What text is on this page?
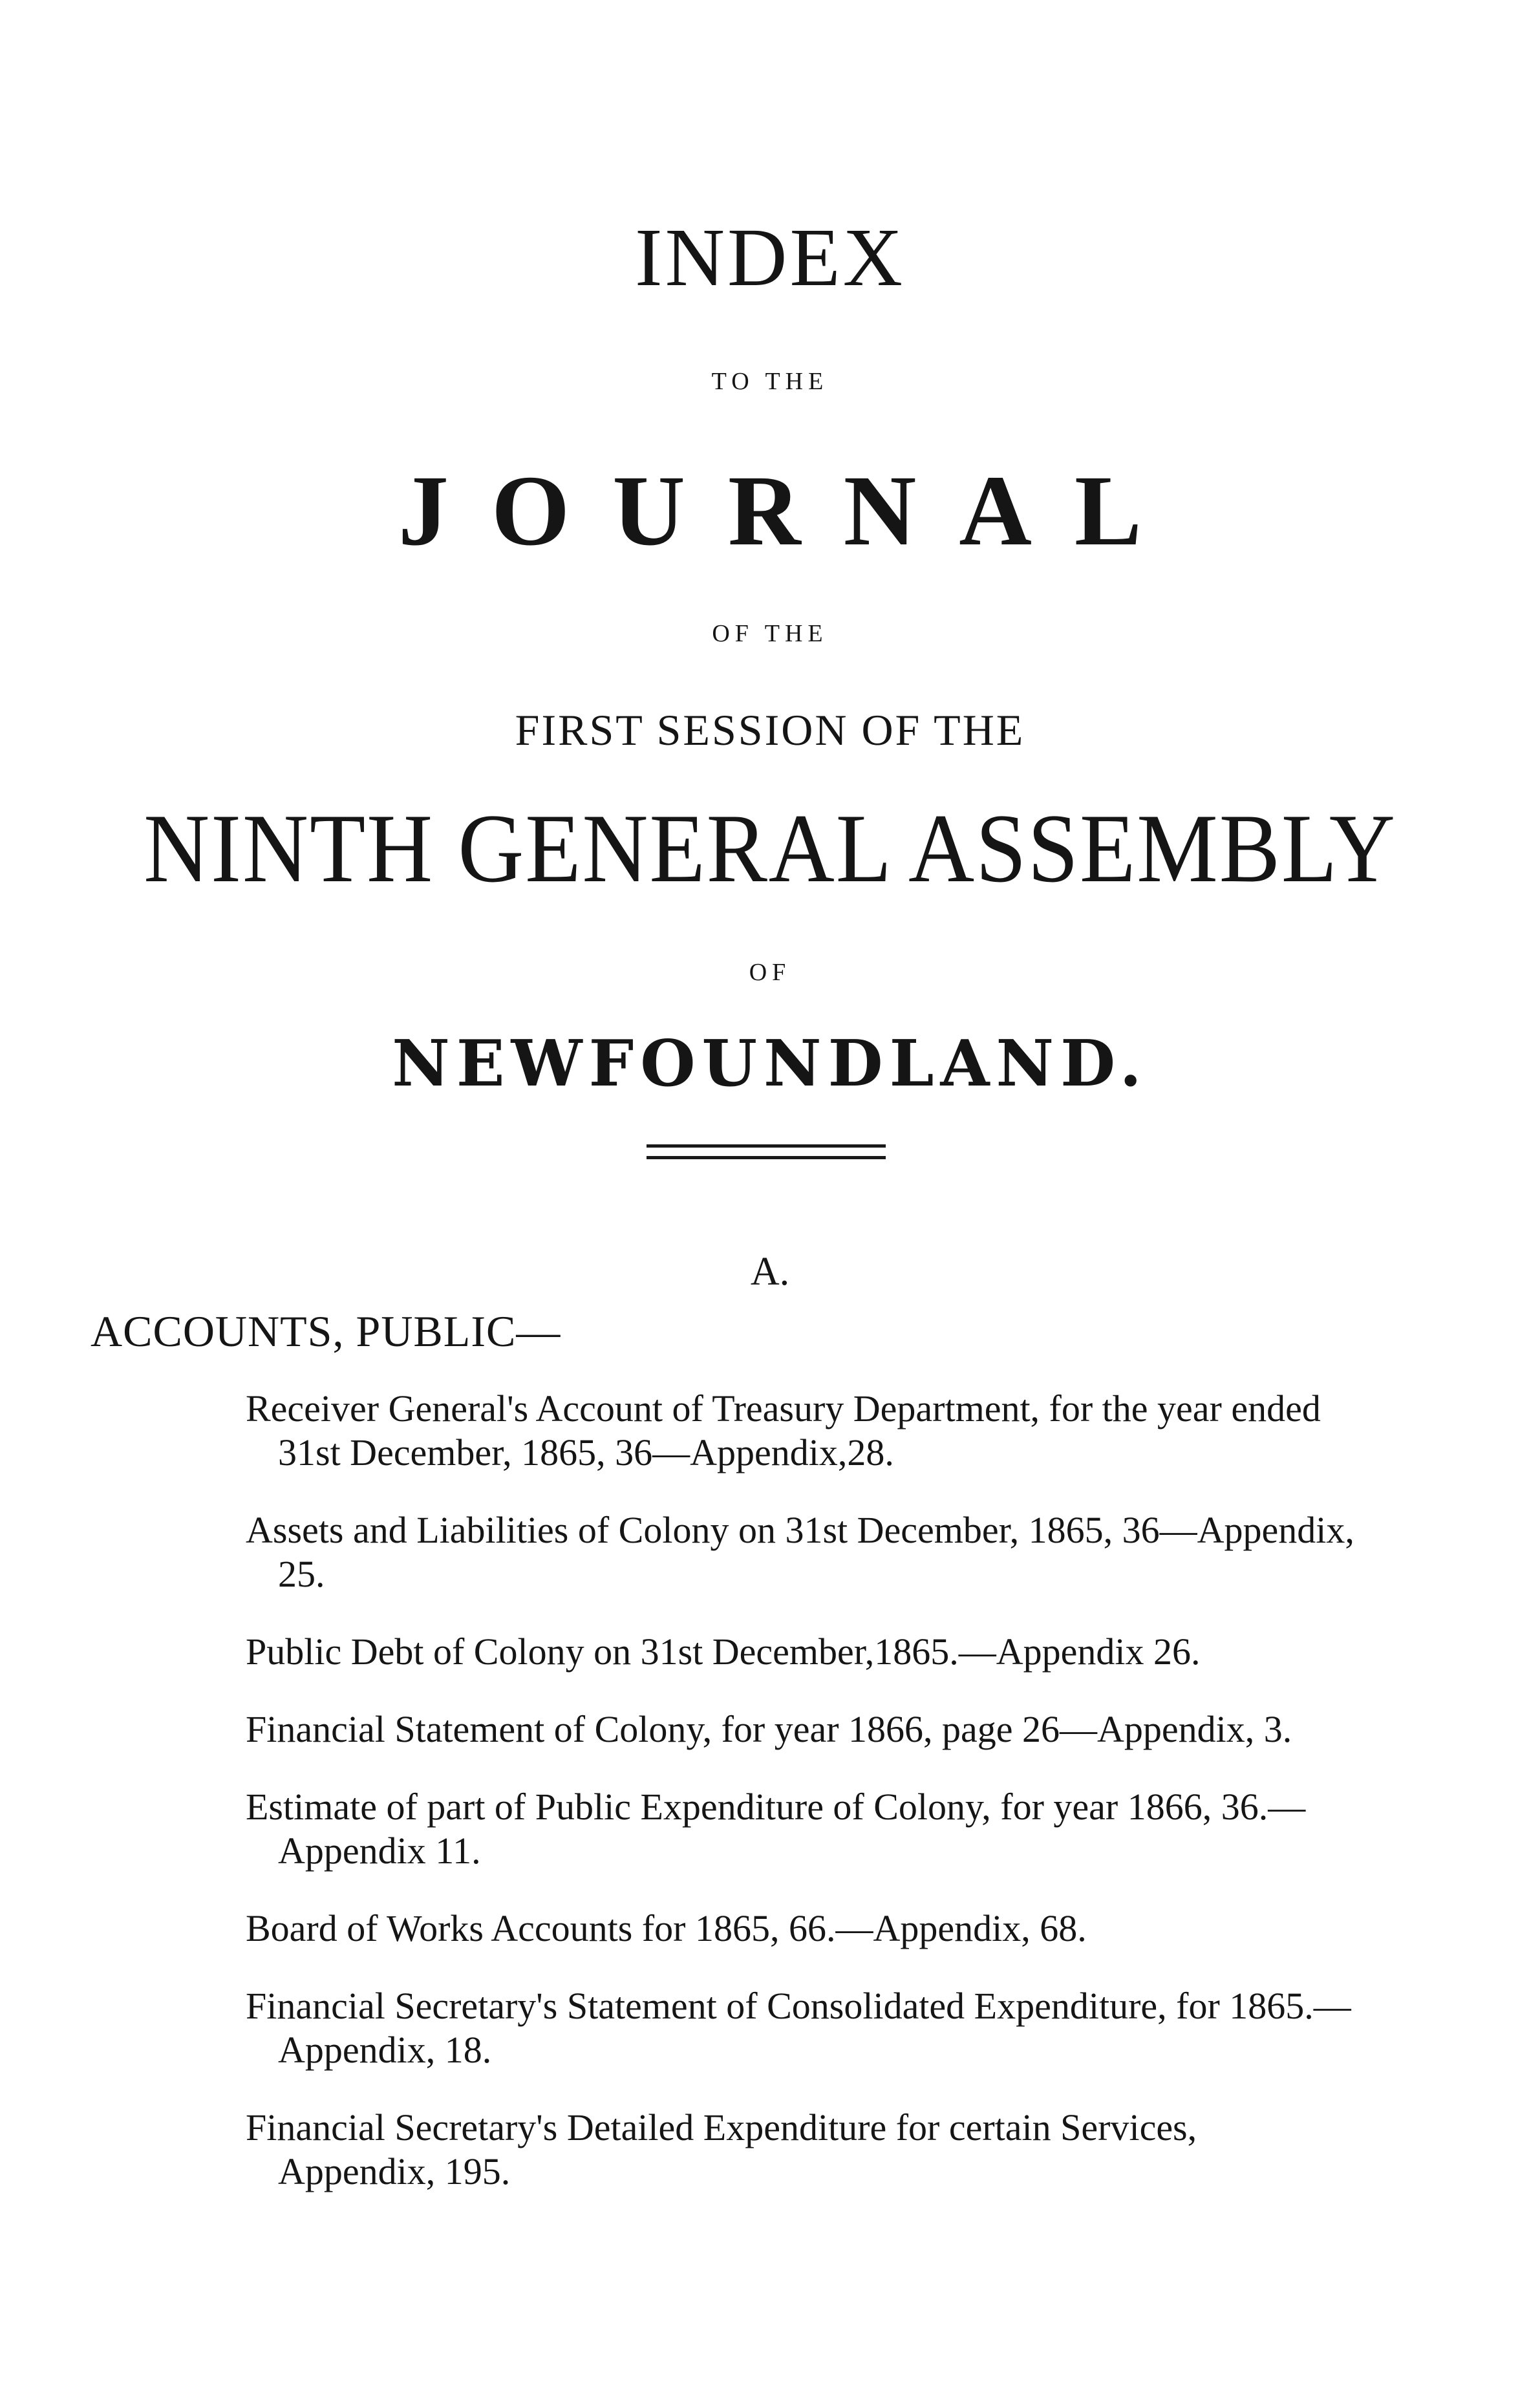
INDEX
TO THE
JOURNAL
OF THE
FIRST SESSION OF THE
NINTH GENERAL ASSEMBLY
OF
NEWFOUNDLAND.
A.
ACCOUNTS, PUBLIC—
Receiver General's Account of Treasury Department, for the year ended 31st December, 1865, 36—Appendix,28.
Assets and Liabilities of Colony on 31st December, 1865, 36—Appendix, 25.
Public Debt of Colony on 31st December,1865.—Appendix 26.
Financial Statement of Colony, for year 1866, page 26—Appendix, 3.
Estimate of part of Public Expenditure of Colony, for year 1866, 36.—Appendix 11.
Board of Works Accounts for 1865, 66.—Appendix, 68.
Financial Secretary's Statement of Consolidated Expenditure, for 1865.—Appendix, 18.
Financial Secretary's Detailed Expenditure for certain Services, Appendix, 195.
